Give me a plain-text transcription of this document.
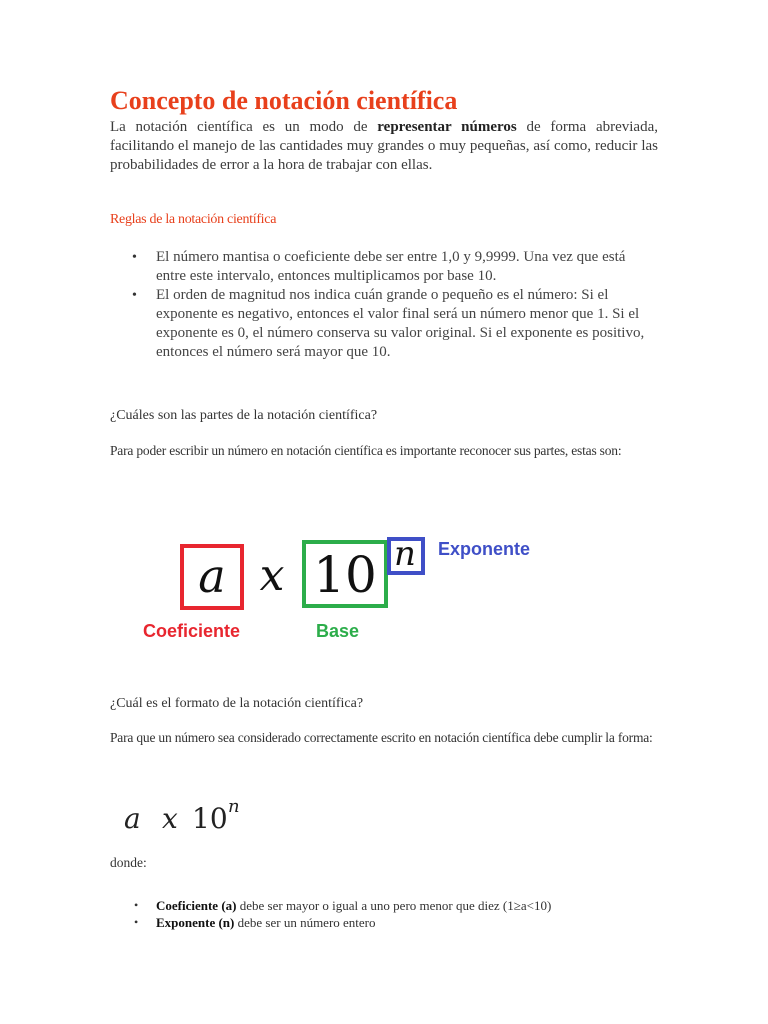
Concepto de notación científica

La notación científica es un modo de representar números de forma abreviada, facilitando el manejo de las cantidades muy grandes o muy pequeñas, así como, reducir las probabilidades de error a la hora de trabajar con ellas.

Reglas de la notación científica

• El número mantisa o coeficiente debe ser entre 1,0 y 9,9999. Una vez que está entre este intervalo, entonces multiplicamos por base 10.
• El orden de magnitud nos indica cuán grande o pequeño es el número: Si el exponente es negativo, entonces el valor final será un número menor que 1. Si el exponente es 0, el número conserva su valor original. Si el exponente es positivo, entonces el número será mayor que 10.

¿Cuáles son las partes de la notación científica?

Para poder escribir un número en notación científica es importante reconocer sus partes, estas son:

a x 10 n Exponente
Coeficiente	Base

¿Cuál es el formato de la notación científica?

Para que un número sea considerado correctamente escrito en notación científica debe cumplir la forma:

a x 10 n

donde:

• Coeficiente (a) debe ser mayor o igual a uno pero menor que diez (1≥a<10)
• Exponente (n) debe ser un número entero
